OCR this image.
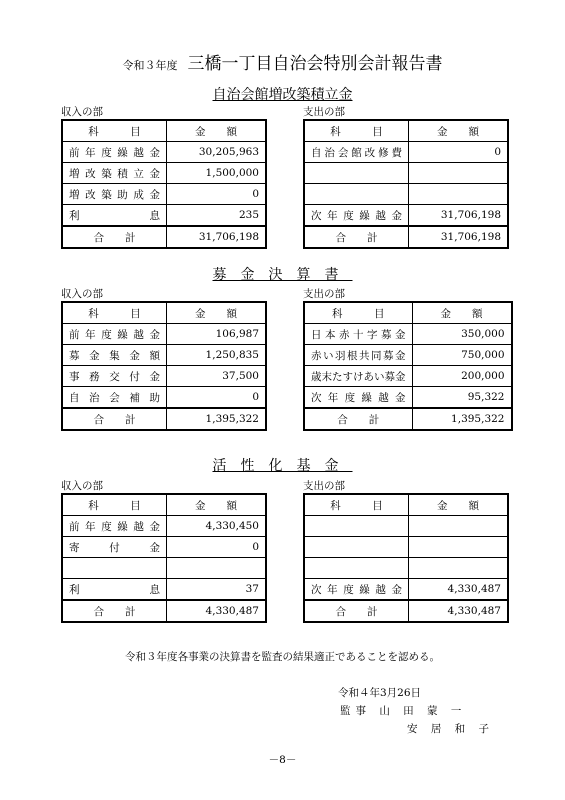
令和３年度 三橋一丁目自治会特別会計報告書
自治会館増改築積立金
収入の部	支出の部
科　　　目	金　　額
前年度繰越金	30,205,963
増改築積立金	1,500,000
増改築助成金	0
利息	235
合　　計	31,706,198
科　　　目	金　　額
自治会館改修費	0

次年度繰越金	31,706,198
合　　計	31,706,198
募金決算書
収入の部	支出の部
科　　　目	金　　額
前年度繰越金	106,987
募金集金額	1,250,835
事務交付金	37,500
自治会補助	0
合　　計	1,395,322
科　　　目	金　　額
日本赤十字募金	350,000
赤い羽根共同募金	750,000
歳末たすけあい募金	200,000
次年度繰越金	95,322
合　　計	1,395,322
活性化基金
収入の部	支出の部
科　　　目	金　　額
前年度繰越金	4,330,450
寄付金	0

利息	37
合　　計	4,330,487
科　　　目	金　　額

次年度繰越金	4,330,487
合　　計	4,330,487
令和３年度各事業の決算書を監査の結果適正であることを認める。
令和４年3月26日
監事 山 田 蒙 一
安 居 和 子
－8－
